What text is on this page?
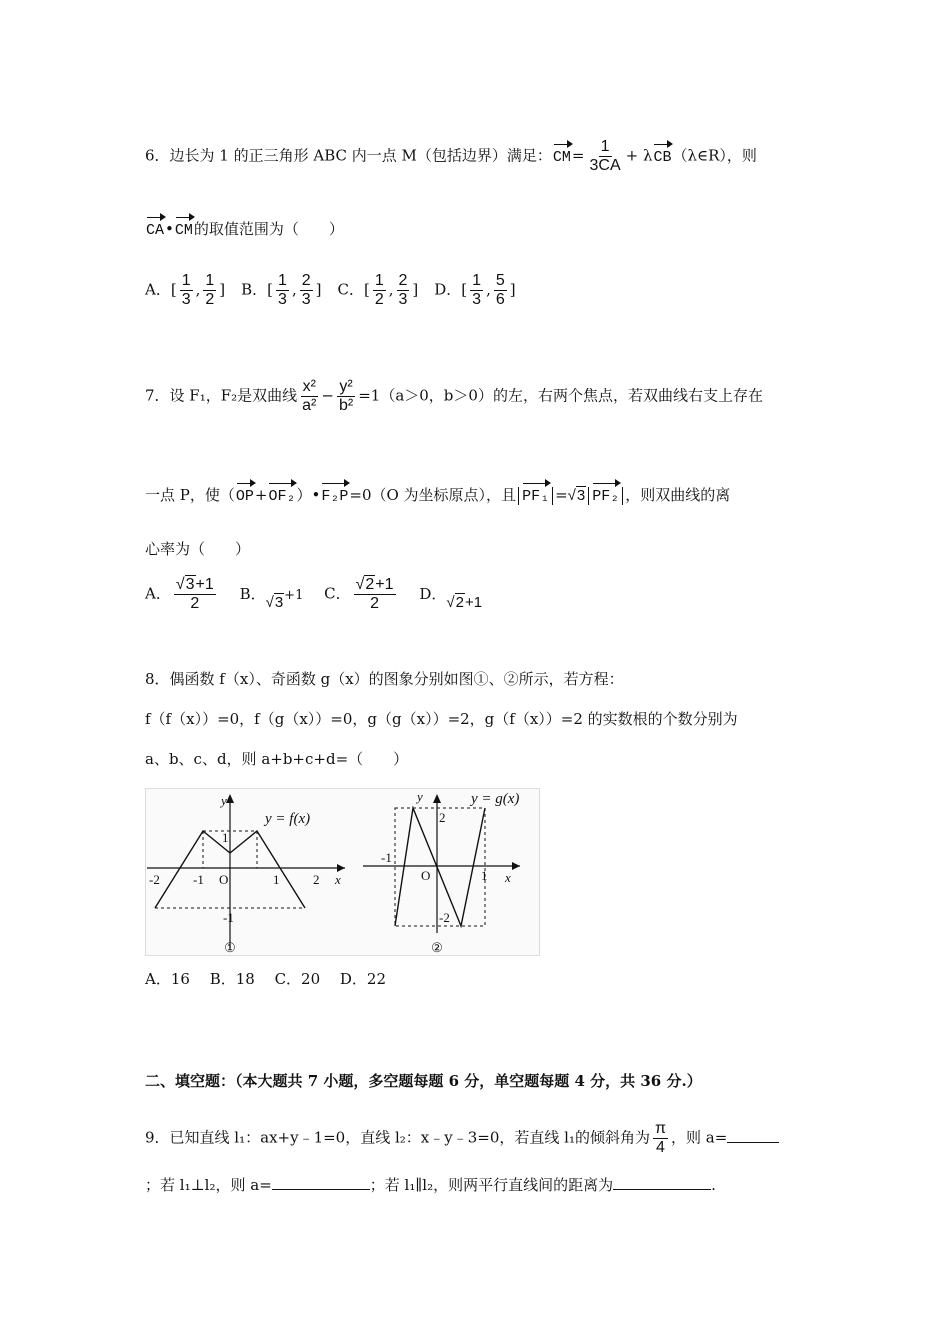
6．边长为 1 的正三角形 ABC 内一点 M（包括边界）满足：$CM= \frac{1}{3CA}$ + λCB（λ∈R），则
CA•CM的取值范围为（　　）
A．[ $\frac{1}{3}$ , $\frac{1}{2}$ ] B．[ $\frac{1}{3}$ , $\frac{2}{3}$ ] C．[ $\frac{1}{2}$ , $\frac{2}{3}$ ] D．[ $\frac{1}{3}$ , $\frac{5}{6}$ ]
7．设 F₁，F₂是双曲线 $\frac{\text{x²}}{\text{a²}} - \frac{\text{y²}}{\text{b²}} =1(a>0$，b＞0）的左，右两个焦点，若双曲线右支上存在
一点 P，使（OP+OF₂）•F₂P=0（O 为坐标原点），且 PF₁ =√3 PF₂ ，则双曲线的离
心率为（　　）
A． $\frac{√3+1}{2}$ B．√3+1 C． $\frac{√2+1}{2}$ D．√2+1
8．偶函数 f（x）、奇函数 g（x）的图象分别如图①、②所示，若方程：
f（f（x））=0，f（g（x））=0，g（g（x））=2，g（f（x））=2 的实数根的个数分别为
a、b、c、d，则 a+b+c+d=（　　）
y = f(x)
y
x
O
-2	-1	1	2
1
-1
①
y = g(x)
y
x
O
-1
1
2
-2
②
A．16　 B．18　 C．20　 D．22
二、填空题：（本大题共 7 小题，多空题每题 6 分，单空题每题 4 分，共 36 分.）
9．已知直线 l₁：ax+y﹣1=0，直线 l₂：x﹣y﹣3=0，若直线 l₁的倾斜角为 $\frac{\pi}{4}$ ，则 a=
；若 l₁⊥l₂，则 a=	；若 l₁∥l₂，则两平行直线间的距离为	.
